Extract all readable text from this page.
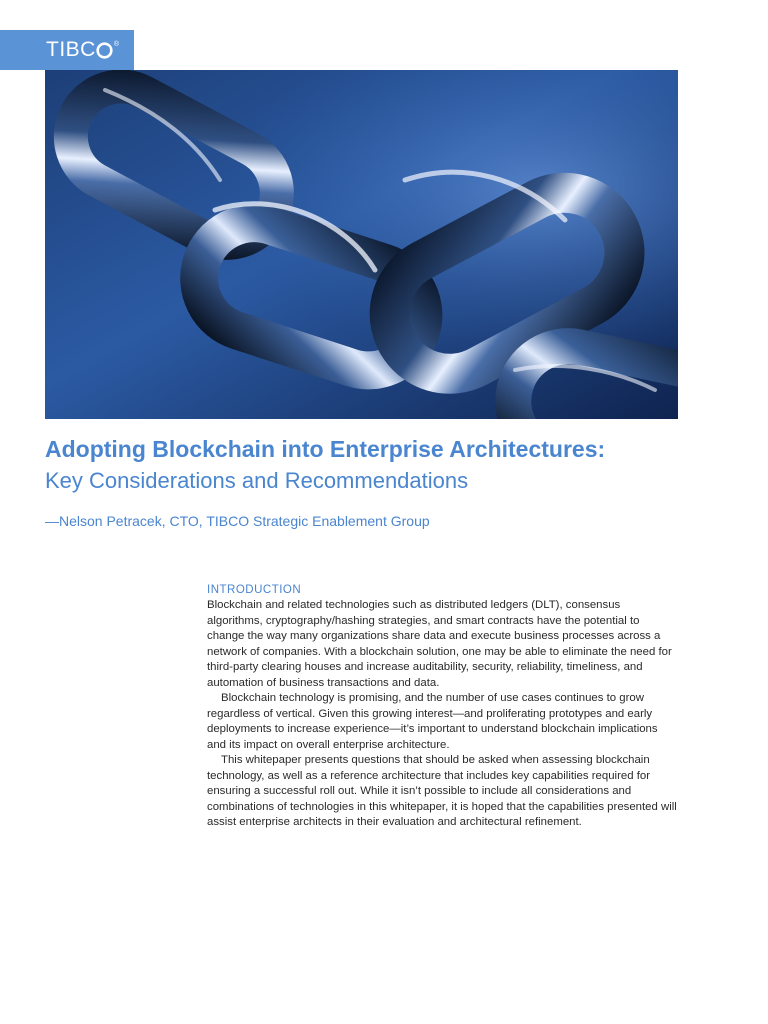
TIBC	®
Adopting Blockchain into Enterprise Architectures:
Key Considerations and Recommendations
—Nelson Petracek, CTO, TIBCO Strategic Enablement Group
INTRODUCTION

Blockchain and related technologies such as distributed ledgers (DLT), consensus algorithms, cryptography/hashing strategies, and smart contracts have the potential to change the way many organizations share data and execute business processes across a network of companies. With a blockchain solution, one may be able to eliminate the need for third-party clearing houses and increase auditability, security, reliability, timeliness, and automation of business transactions and data.

Blockchain technology is promising, and the number of use cases continues to grow regardless of vertical. Given this growing interest—and proliferating prototypes and early deployments to increase experience—it’s important to understand blockchain implications and its impact on overall enterprise architecture.

This whitepaper presents questions that should be asked when assessing blockchain technology, as well as a reference architecture that includes key capabilities required for ensuring a successful roll out. While it isn’t possible to include all considerations and combinations of technologies in this whitepaper, it is hoped that the capabilities presented will assist enterprise architects in their evaluation and architectural refinement.
